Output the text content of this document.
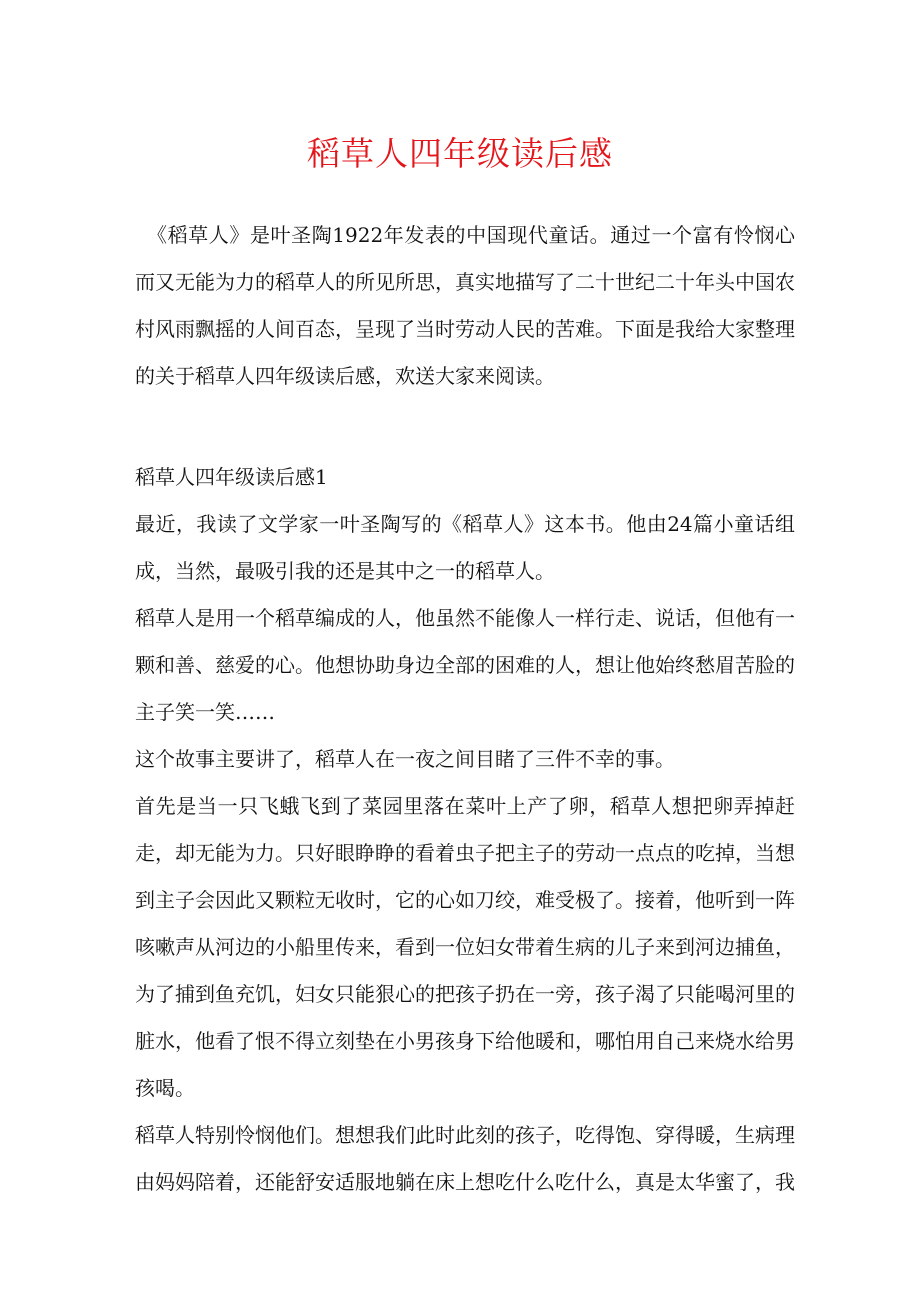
稻草人四年级读后感

《稻草人》是叶圣陶1922年发表的中国现代童话。通过一个富有怜悯心而又无能为力的稻草人的所见所思，真实地描写了二十世纪二十年头中国农村风雨飘摇的人间百态，呈现了当时劳动人民的苦难。下面是我给大家整理的关于稻草人四年级读后感，欢送大家来阅读。

稻草人四年级读后感1

最近，我读了文学家一叶圣陶写的《稻草人》这本书。他由24篇小童话组成，当然，最吸引我的还是其中之一的稻草人。

稻草人是用一个稻草编成的人，他虽然不能像人一样行走、说话，但他有一颗和善、慈爱的心。他想协助身边全部的困难的人，想让他始终愁眉苦脸的主子笑一笑……

这个故事主要讲了，稻草人在一夜之间目睹了三件不幸的事。

首先是当一只飞蛾飞到了菜园里落在菜叶上产了卵，稻草人想把卵弄掉赶走，却无能为力。只好眼睁睁的看着虫子把主子的劳动一点点的吃掉，当想到主子会因此又颗粒无收时，它的心如刀绞，难受极了。接着，他听到一阵咳嗽声从河边的小船里传来，看到一位妇女带着生病的儿子来到河边捕鱼，为了捕到鱼充饥，妇女只能狠心的把孩子扔在一旁，孩子渴了只能喝河里的脏水，他看了恨不得立刻垫在小男孩身下给他暖和，哪怕用自己来烧水给男孩喝。

稻草人特别怜悯他们。想想我们此时此刻的孩子，吃得饱、穿得暖，生病理由妈妈陪着，还能舒安适服地躺在床上想吃什么吃什么，真是太华蜜了，我
